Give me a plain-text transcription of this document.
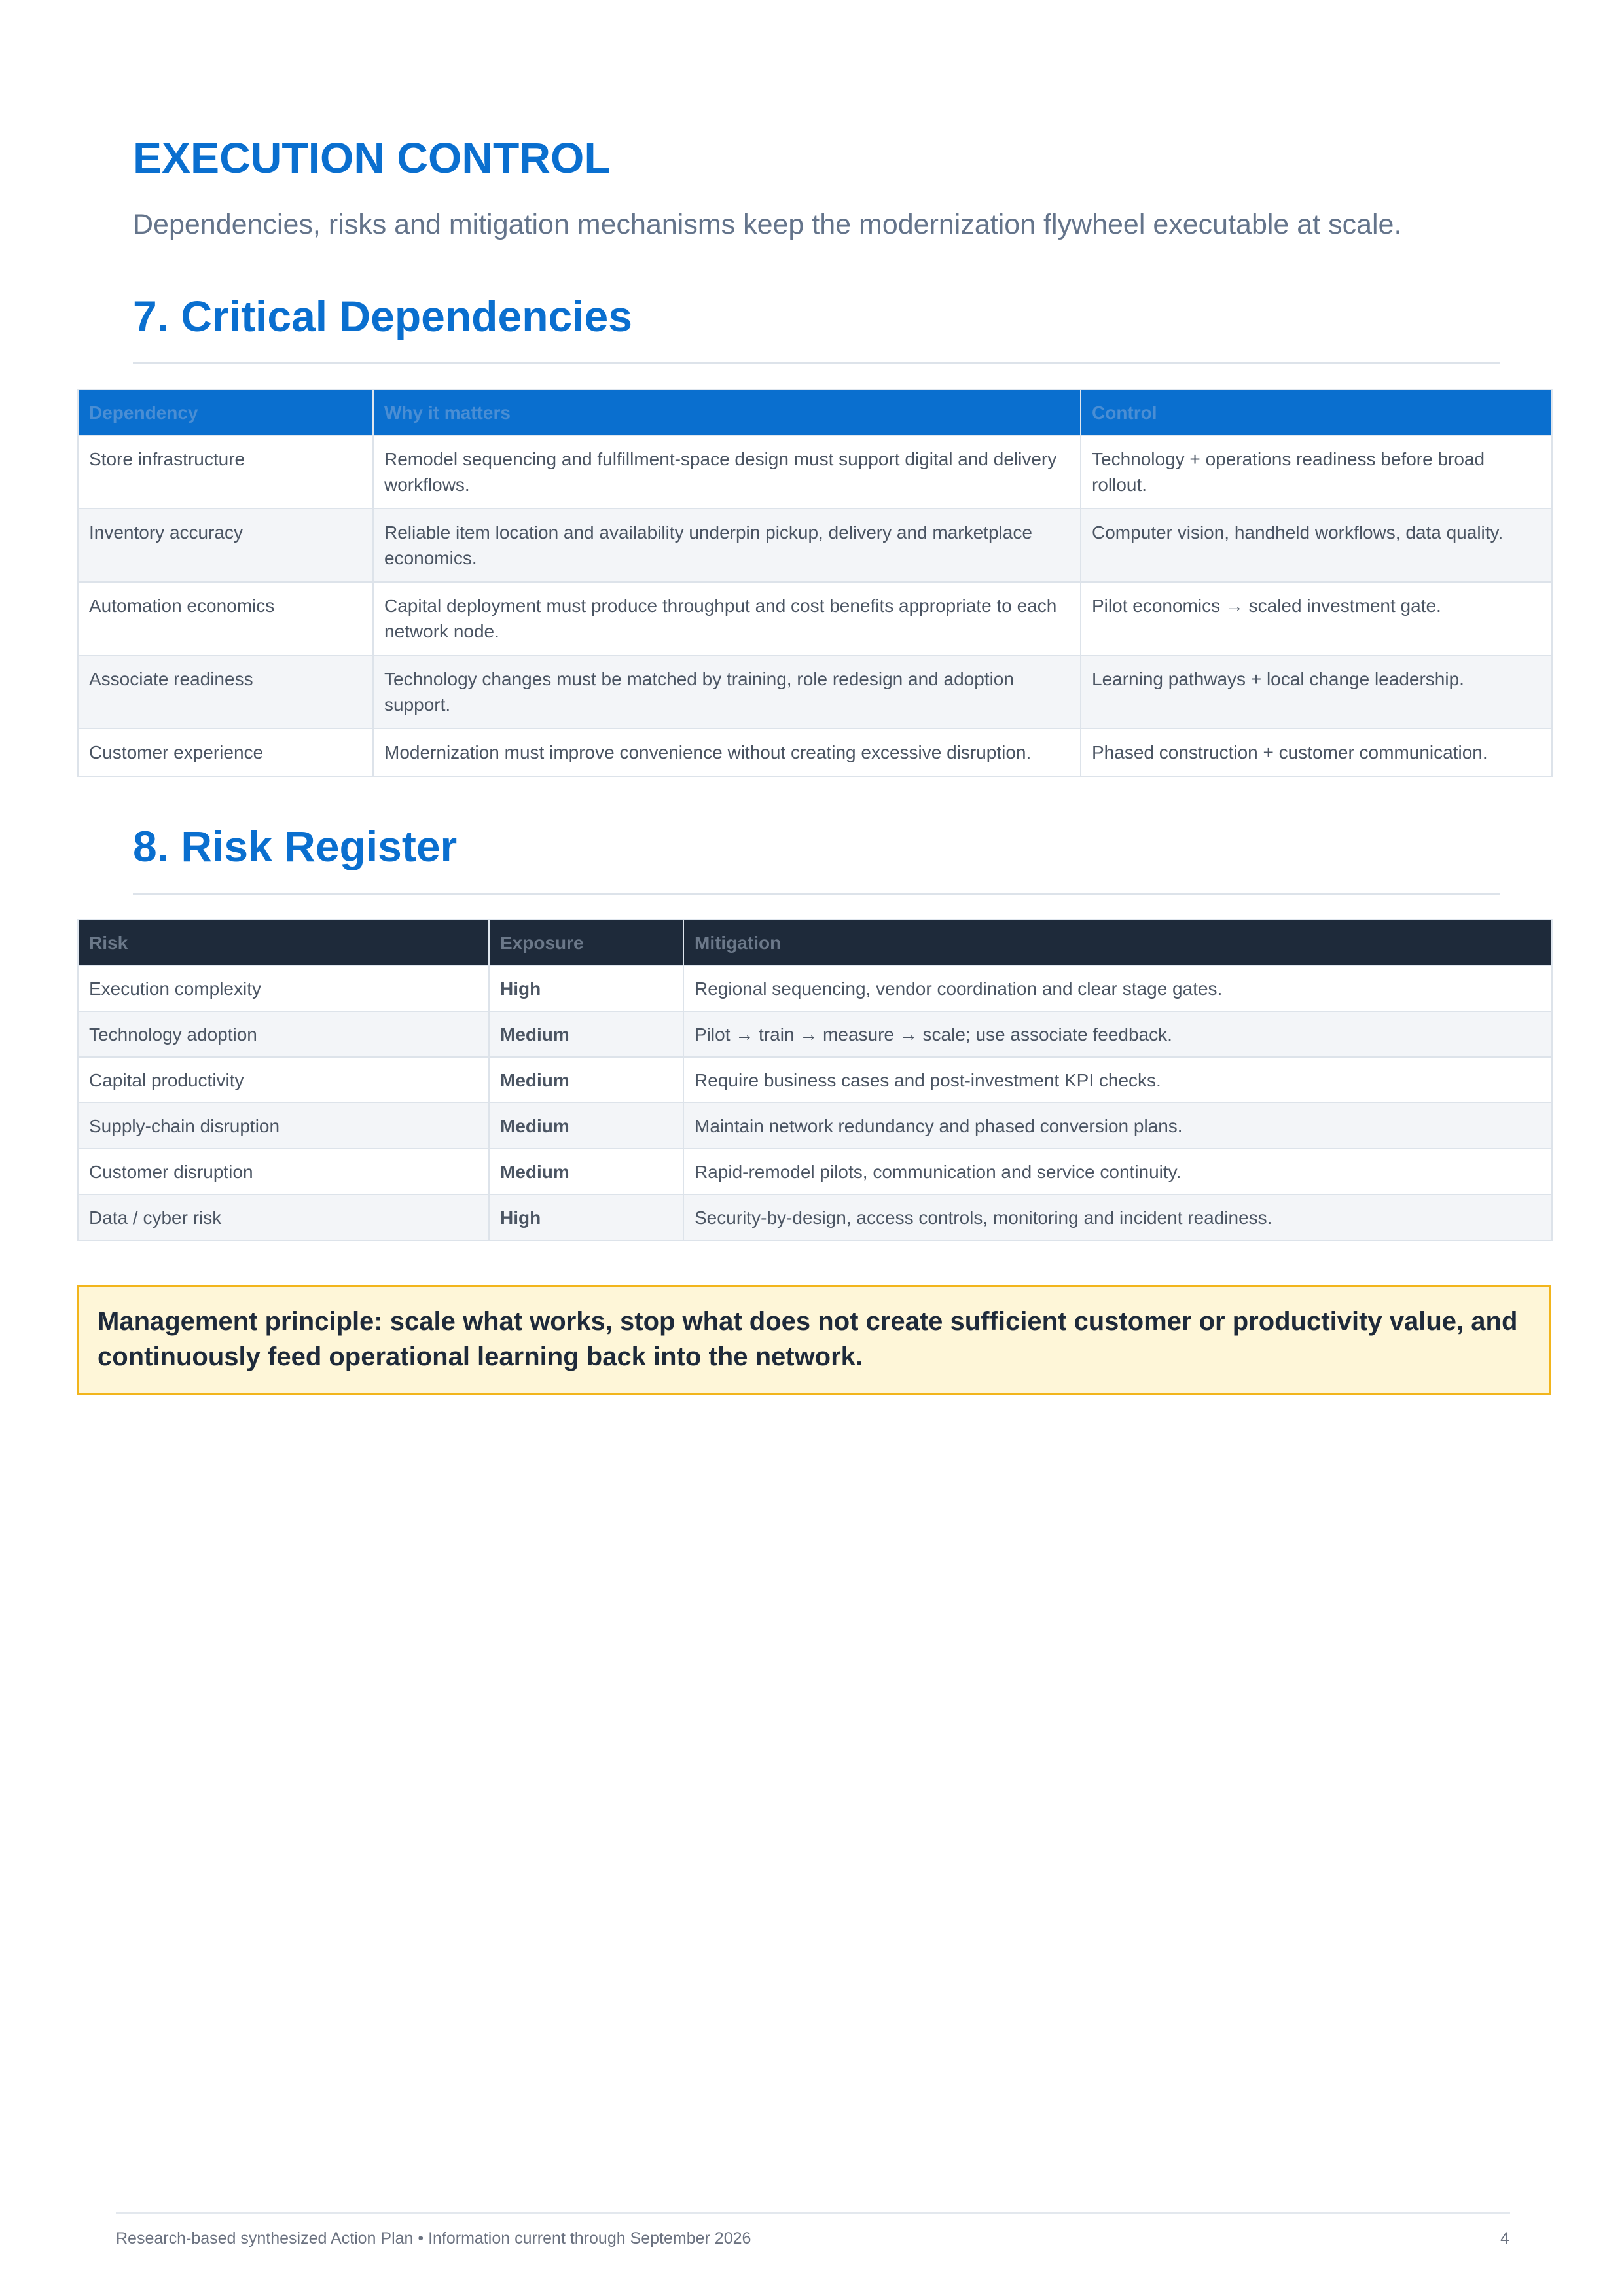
EXECUTION CONTROL

Dependencies, risks and mitigation mechanisms keep the modernization flywheel executable at scale.

7. Critical Dependencies
Dependency	Why it matters	Control
Store infrastructure	Remodel sequencing and fulfillment-space design must support digital and delivery workflows.	Technology + operations readiness before broad rollout.
Inventory accuracy	Reliable item location and availability underpin pickup, delivery and marketplace economics.	Computer vision, handheld workflows, data quality.
Automation economics	Capital deployment must produce throughput and cost benefits appropriate to each network node.	Pilot economics → scaled investment gate.
Associate readiness	Technology changes must be matched by training, role redesign and adoption support.	Learning pathways + local change leadership.
Customer experience	Modernization must improve convenience without creating excessive disruption.	Phased construction + customer communication.
8. Risk Register
Risk	Exposure	Mitigation
Execution complexity	High	Regional sequencing, vendor coordination and clear stage gates.
Technology adoption	Medium	Pilot → train → measure → scale; use associate feedback.
Capital productivity	Medium	Require business cases and post-investment KPI checks.
Supply-chain disruption	Medium	Maintain network redundancy and phased conversion plans.
Customer disruption	Medium	Rapid-remodel pilots, communication and service continuity.
Data / cyber risk	High	Security-by-design, access controls, monitoring and incident readiness.
Management principle: scale what works, stop what does not create sufficient customer or productivity value, and continuously feed operational learning back into the network.
Research-based synthesized Action Plan • Information current through September 2026	4
